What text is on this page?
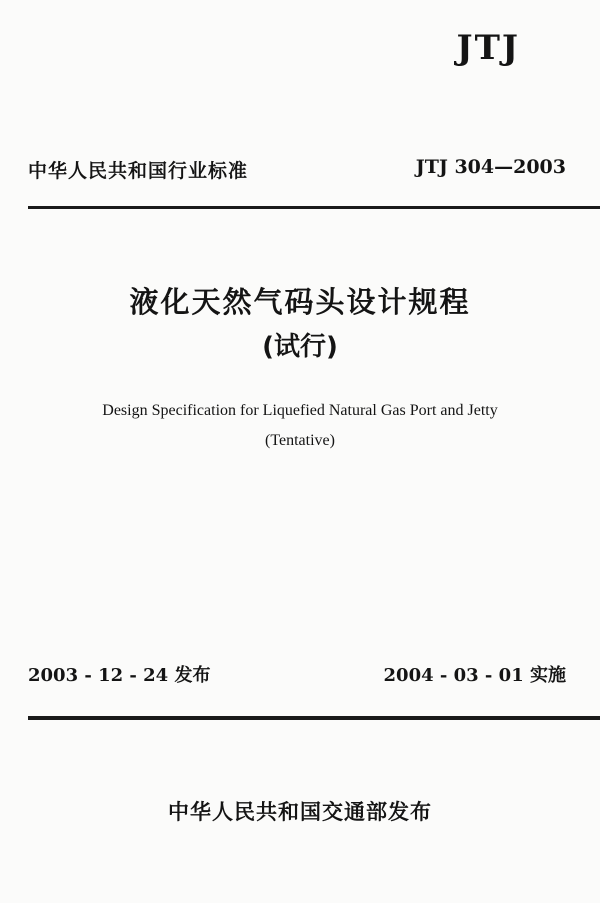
JTJ
中华人民共和国行业标准	JTJ 304—2003
液化天然气码头设计规程
(试行)
Design Specification for Liquefied Natural Gas Port and Jetty
(Tentative)
2003 - 12 - 24 发布	2004 - 03 - 01 实施
中华人民共和国交通部发布
